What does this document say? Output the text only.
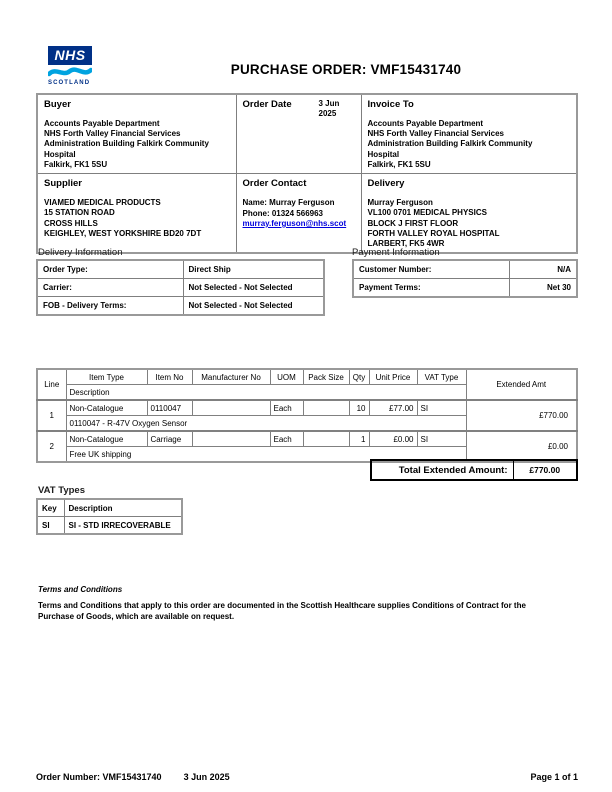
NHS
SCOTLAND
PURCHASE ORDER: VMF15431740
Buyer
Accounts Payable Department
NHS Forth Valley Financial Services
Administration Building Falkirk Community
Hospital
Falkirk, FK1 5SU

Order Date	3 Jun 2025

Invoice To
Accounts Payable Department
NHS Forth Valley Financial Services
Administration Building Falkirk Community
Hospital
Falkirk, FK1 5SU

Supplier
VIAMED MEDICAL PRODUCTS
15 STATION ROAD
CROSS HILLS
KEIGHLEY, WEST YORKSHIRE BD20 7DT

Order Contact
Name: Murray Ferguson
Phone: 01324 566963
murray.ferguson@nhs.scot

Delivery
Murray Ferguson
VL100 0701 MEDICAL PHYSICS
BLOCK J FIRST FLOOR
FORTH VALLEY ROYAL HOSPITAL
LARBERT, FK5 4WR
Delivery Information
Order Type:	Direct Ship
Carrier:	Not Selected - Not Selected
FOB - Delivery Terms:	Not Selected - Not Selected
Payment Information
Customer Number:	N/A
Payment Terms:	Net 30
Line	Item Type	Item No	Manufacturer No	UOM	Pack Size	Qty	Unit Price	VAT Type	Extended Amt
	Description								
1	Non-Catalogue	0110047		Each		10	£77.00	SI	£770.00
	0110047 - R-47V Oxygen Sensor								
2	Non-Catalogue	Carriage		Each		1	£0.00	SI	£0.00
	Free UK shipping								
Total Extended Amount:	£770.00
VAT Types
Key	Description
SI	SI - STD IRRECOVERABLE
Terms and Conditions
Terms and Conditions that apply to this order are documented in the Scottish Healthcare supplies Conditions of Contract for the Purchase of Goods, which are available on request.
Order Number: VMF15431740 3 Jun 2025	Page 1 of 1
